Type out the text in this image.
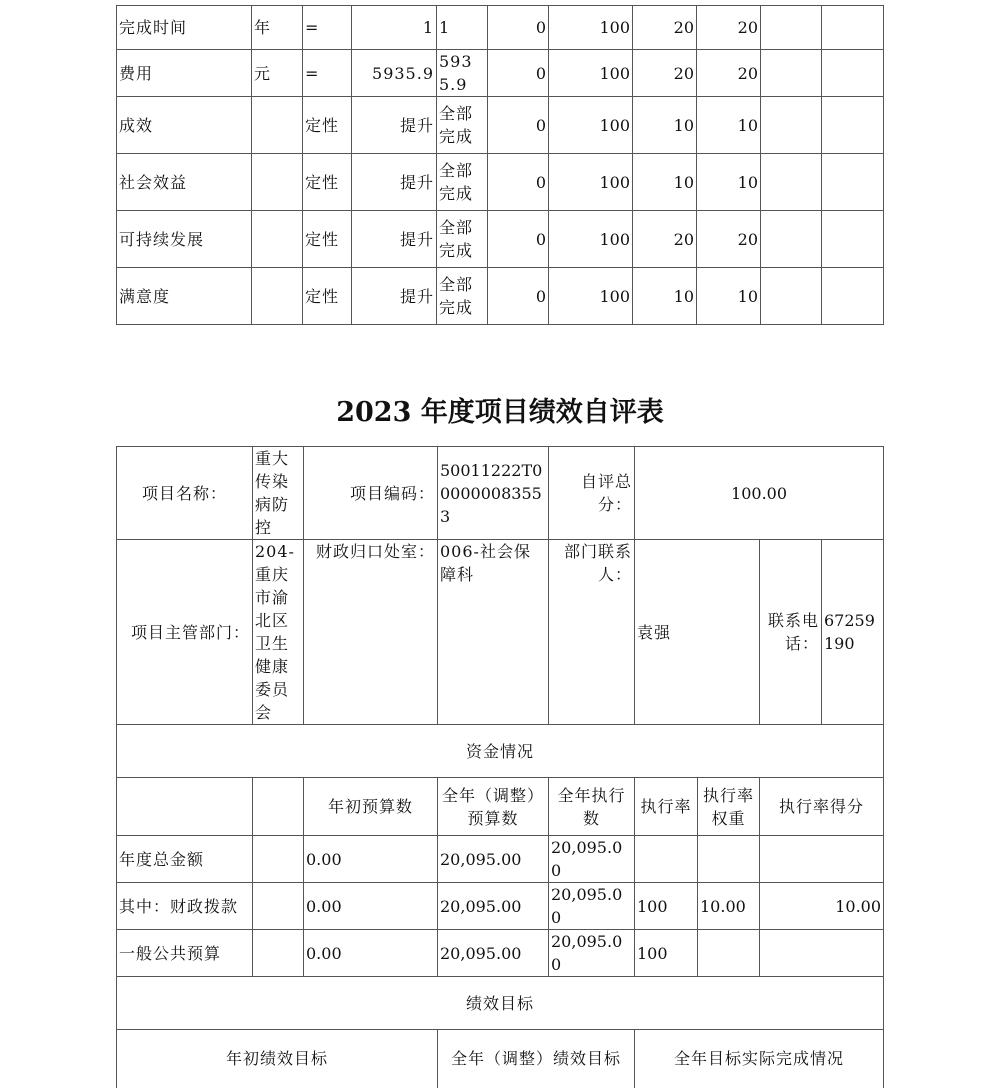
完成时间	年	=	1	1	0	100	20	20		
费用	元	=	5935.9	5935.9	0	100	20	20		
成效		定性	提升	全部完成	0	100	10	10		
社会效益		定性	提升	全部完成	0	100	10	10		
可持续发展		定性	提升	全部完成	0	100	20	20		
满意度		定性	提升	全部完成	0	100	10	10		
2023 年度项目绩效自评表
项目名称：	重大传染病防控	项目编码：	50011222T000000083553	自评总分：	100.00			
项目主管部门：	204-重庆市渝北区卫生健康委员会	财政归口处室：	006-社会保障科	部门联系人：	袁强		联系电话：	67259190
资金情况								
		年初预算数	全年（调整）预算数	全年执行数	执行率	执行率权重	执行率得分	
年度总金额		0.00	20,095.00	20,095.00				
其中：财政拨款		0.00	20,095.00	20,095.00	100	10.00	10.00	
一般公共预算		0.00	20,095.00	20,095.00	100			
绩效目标								
年初绩效目标			全年（调整）绩效目标		全年目标实际完成情况			
